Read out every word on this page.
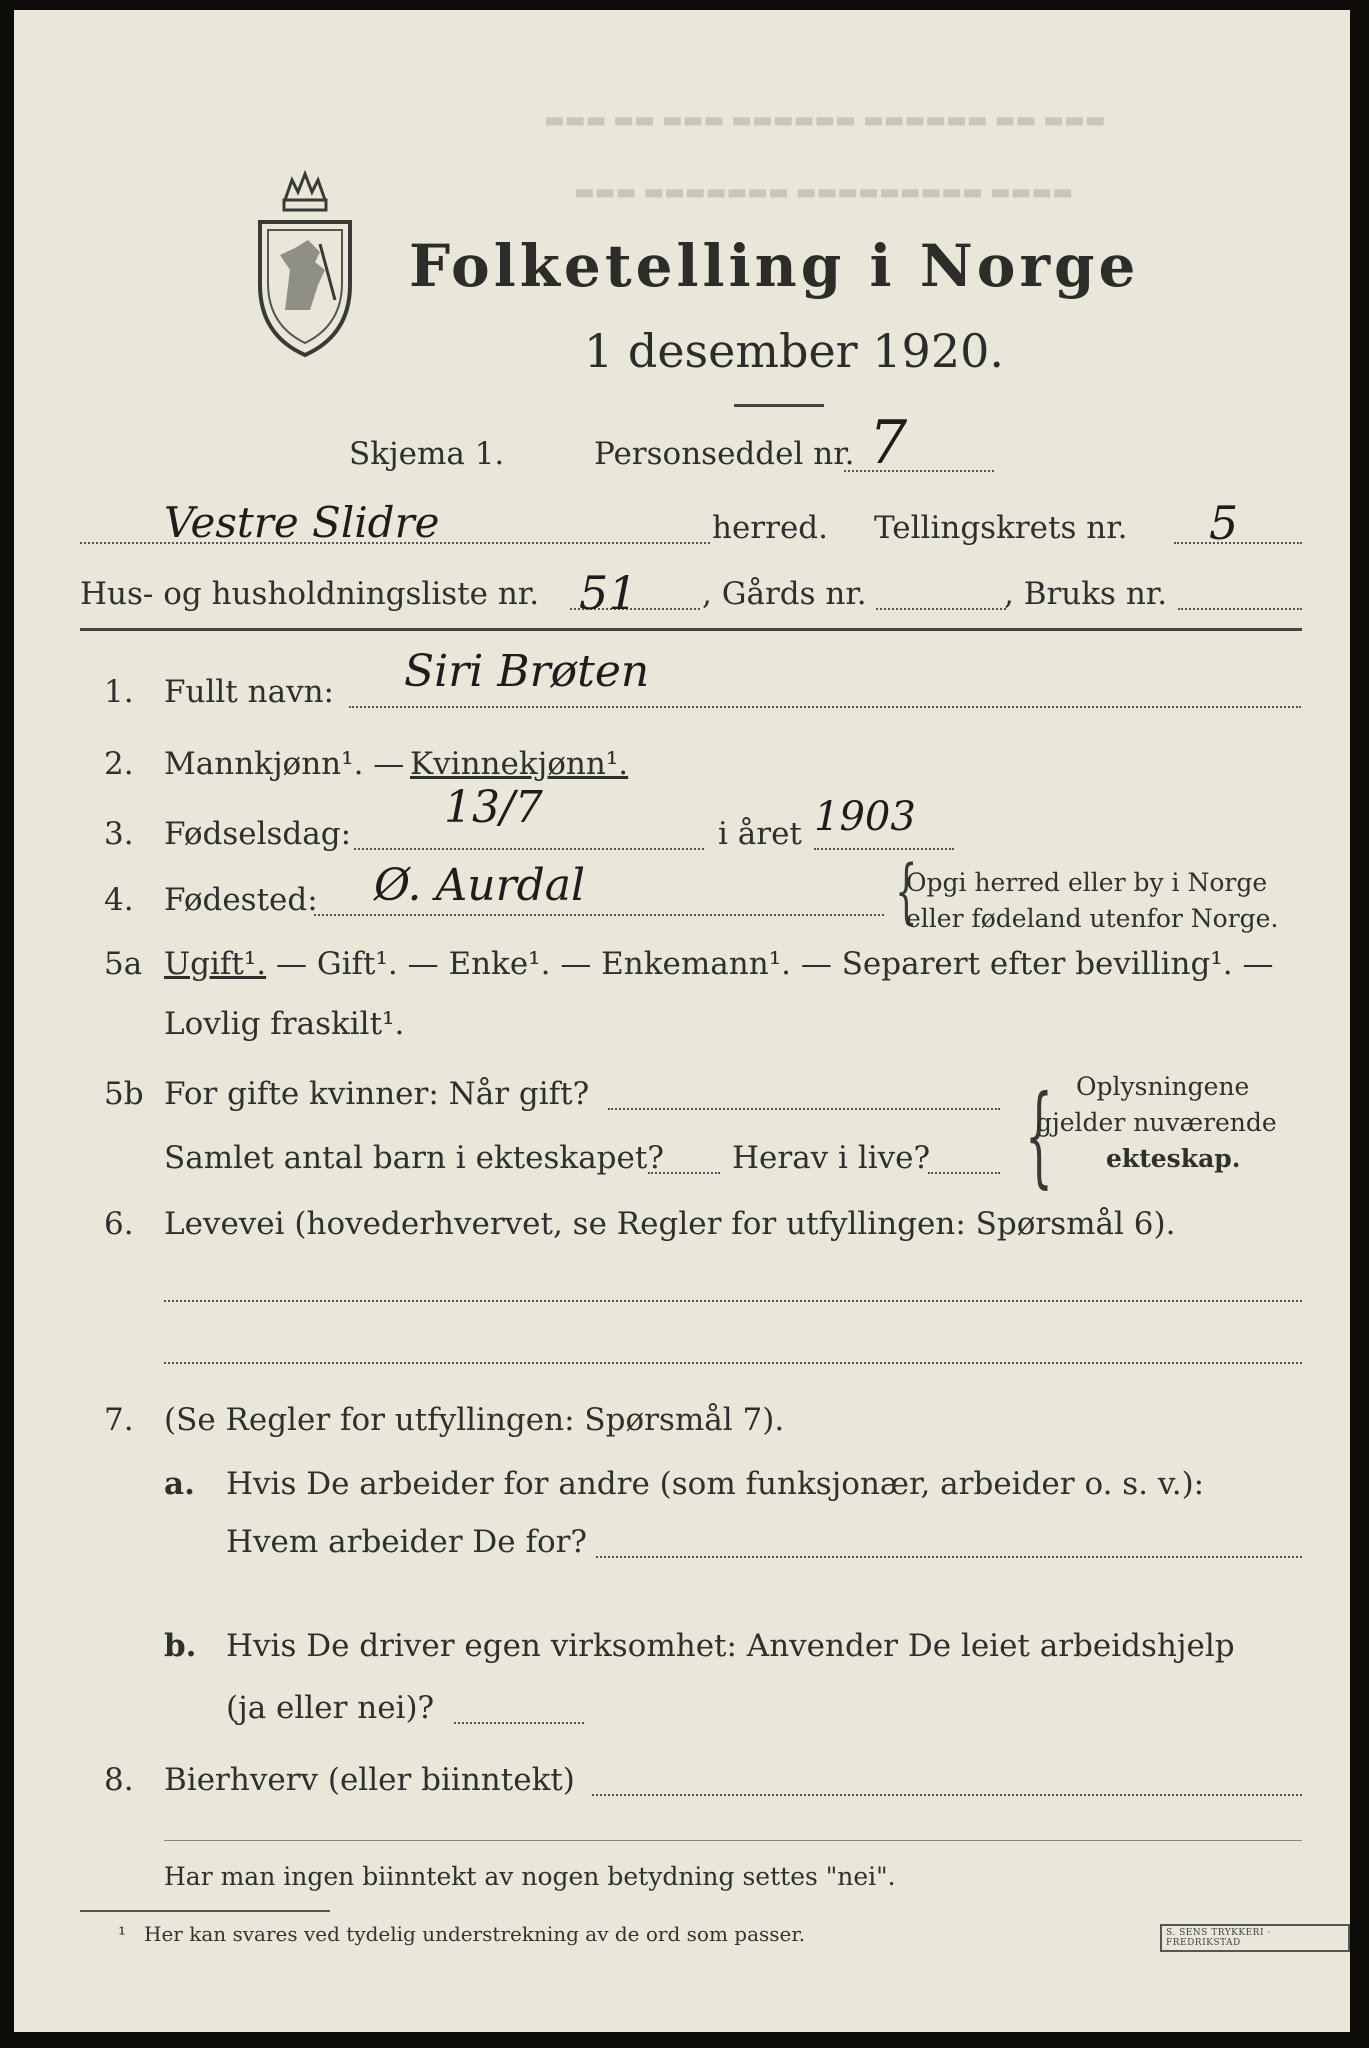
▬▬▬ ▬▬ ▬▬▬ ▬▬▬▬▬▬ ▬▬▬▬▬▬ ▬▬ ▬▬▬
▬▬▬ ▬▬▬▬▬▬▬ ▬▬▬▬▬▬▬▬▬ ▬▬▬▬
Folketelling i Norge
1 desember 1920.
Skjema 1.	Personseddel nr. 7
Vestre Slidre	herred. Tellingskrets nr. 5
Hus- og husholdningsliste nr. 51 , Gårds nr.	, Bruks nr.
1. Fullt navn: Siri Brøten
2. Mannkjønn¹. — Kvinnekjønn¹.
3. Fødselsdag:
13/7
i året 1903
4. Fødested: Ø. Aurdal	{
Opgi herred eller by i Norge
eller fødeland utenfor Norge.
5a Ugift¹. — Gift¹. — Enke¹. — Enkemann¹. — Separert efter bevilling¹. —
Lovlig fraskilt¹.
5b For gifte kvinner: Når gift?
Samlet antal barn i ekteskapet? Herav i live? { Oplysningene
gjelder nuværende
ekteskap.
6. Levevei (hovederhvervet, se Regler for utfyllingen: Spørsmål 6).
7. (Se Regler for utfyllingen: Spørsmål 7).
a. Hvis De arbeider for andre (som funksjonær, arbeider o. s. v.):
Hvem arbeider De for?
b. Hvis De driver egen virksomhet: Anvender De leiet arbeidshjelp
(ja eller nei)?
8. Bierhverv (eller biinntekt)
Har man ingen biinntekt av nogen betydning settes "nei".
¹ Her kan svares ved tydelig understrekning av de ord som passer.	S. SENS TRYKKERI · FREDRIKSTAD
